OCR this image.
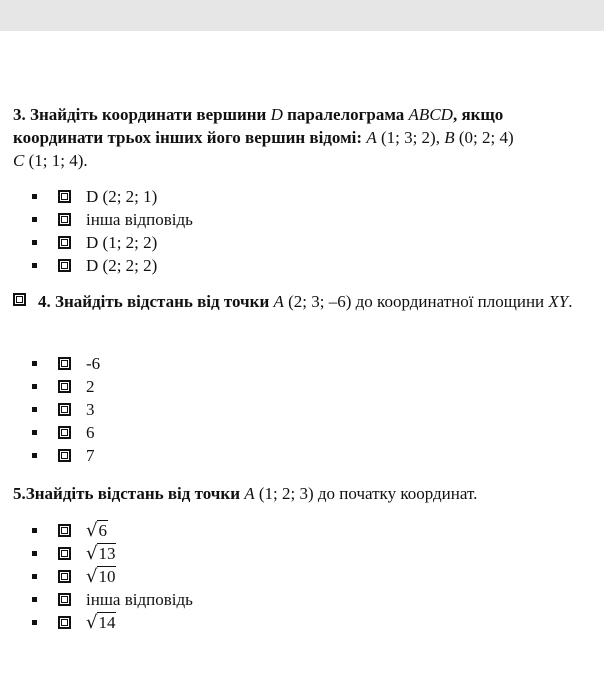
3. Знайдіть координати вершини D паралелограма ABCD, якщо координати трьох інших його вершин відомі: A (1; 3; 2), B (0; 2; 4)
C (1; 1; 4).
D (2; 2; 1)
інша відповідь
D (1; 2; 2)
D (2; 2; 2)
4. Знайдіть відстань від точки A (2; 3; –6) до координатної площини XY.
-6
2
3
6
7
5.Знайдіть відстань від точки A (1; 2; 3) до початку координат.
√6
√13
√10
інша відповідь
√14
